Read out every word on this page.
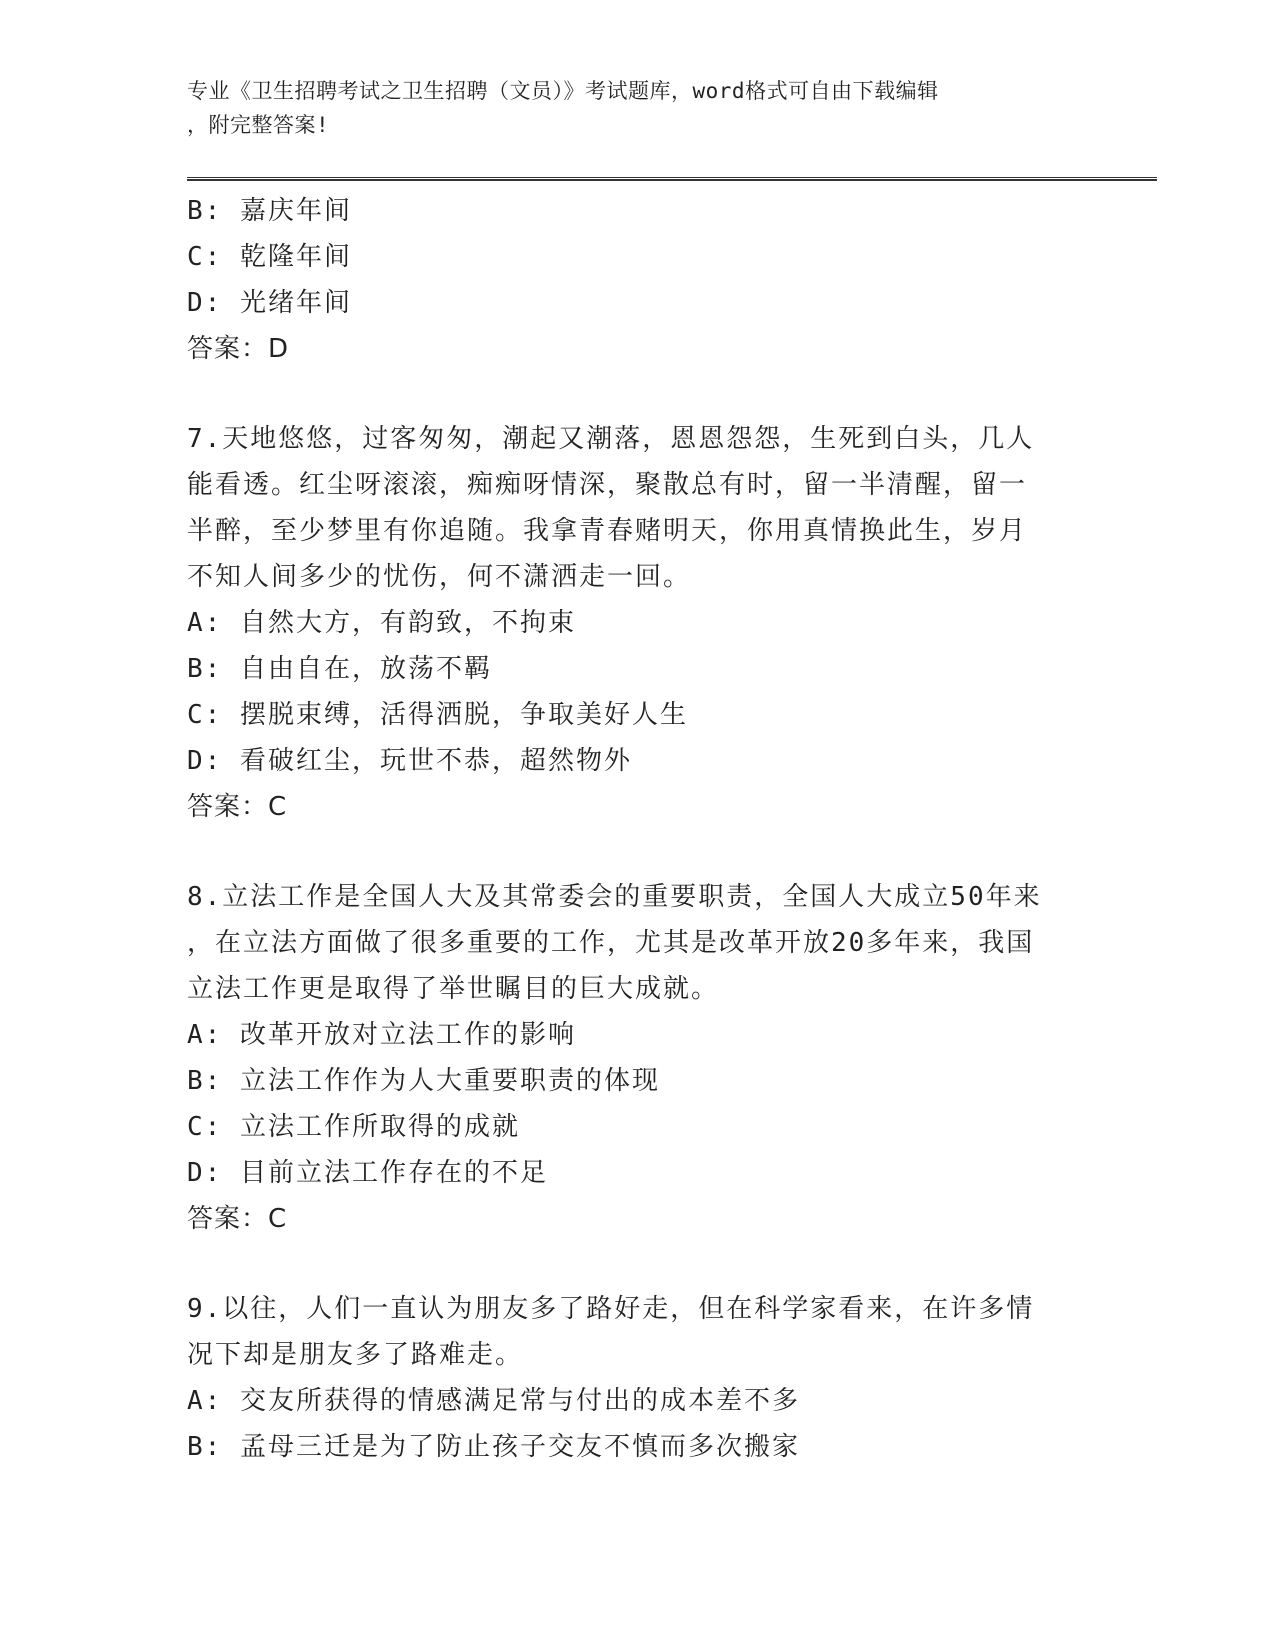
专业《卫生招聘考试之卫生招聘（文员）》考试题库，word格式可自由下载编辑
，附完整答案!
B: 嘉庆年间
C: 乾隆年间
D: 光绪年间
答案：D
7.天地悠悠，过客匆匆，潮起又潮落，恩恩怨怨，生死到白头，几人
能看透。红尘呀滚滚，痴痴呀情深，聚散总有时，留一半清醒，留一
半醉，至少梦里有你追随。我拿青春赌明天，你用真情换此生，岁月
不知人间多少的忧伤，何不潇洒走一回。
A: 自然大方，有韵致，不拘束
B: 自由自在，放荡不羁
C: 摆脱束缚，活得洒脱，争取美好人生
D: 看破红尘，玩世不恭，超然物外
答案：C
8.立法工作是全国人大及其常委会的重要职责，全国人大成立50年来
，在立法方面做了很多重要的工作，尤其是改革开放20多年来，我国
立法工作更是取得了举世瞩目的巨大成就。
A: 改革开放对立法工作的影响
B: 立法工作作为人大重要职责的体现
C: 立法工作所取得的成就
D: 目前立法工作存在的不足
答案：C
9.以往，人们一直认为朋友多了路好走，但在科学家看来，在许多情
况下却是朋友多了路难走。
A: 交友所获得的情感满足常与付出的成本差不多
B: 孟母三迁是为了防止孩子交友不慎而多次搬家
